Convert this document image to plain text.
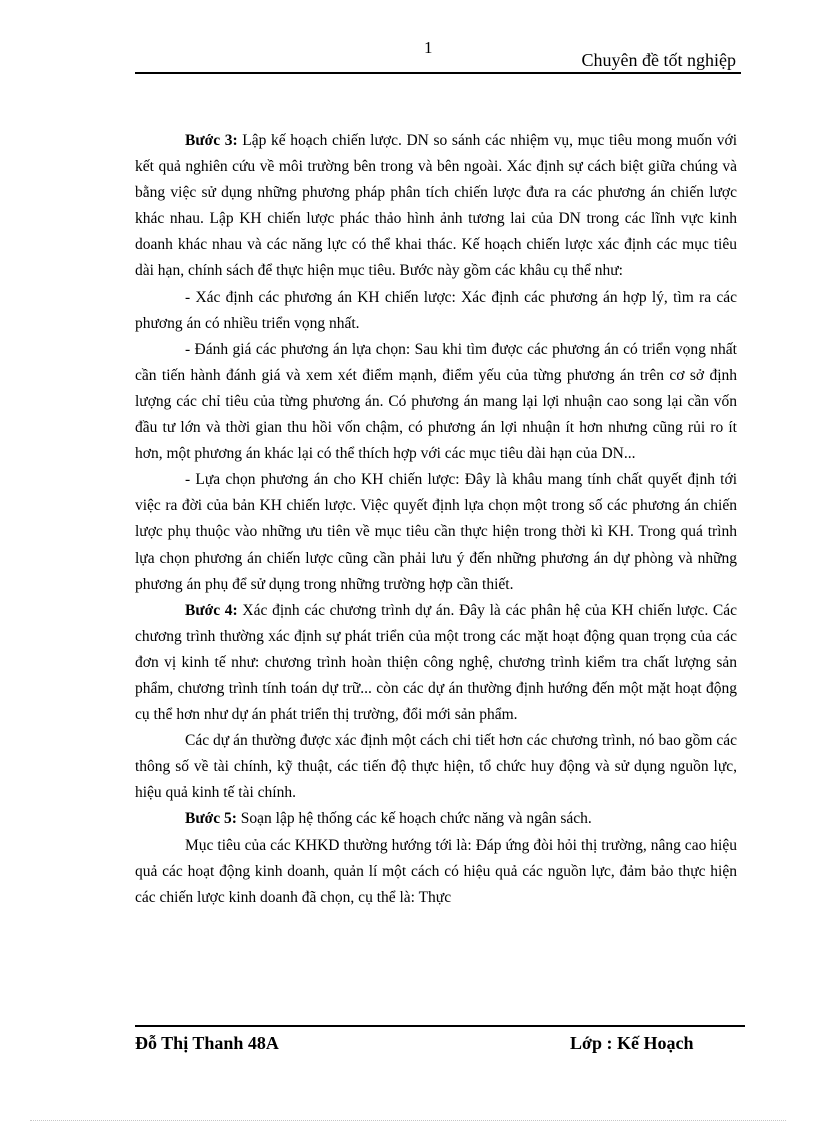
1
Chuyên đề tốt nghiệp

Bước 3: Lập kế hoạch chiến lược. DN so sánh các nhiệm vụ, mục tiêu mong muốn với kết quả nghiên cứu về môi trường bên trong và bên ngoài. Xác định sự cách biệt giữa chúng và bằng việc sử dụng những phương pháp phân tích chiến lược đưa ra các phương án chiến lược khác nhau. Lập KH chiến lược phác thảo hình ảnh tương lai của DN trong các lĩnh vực kinh doanh khác nhau và các năng lực có thể khai thác. Kế hoạch chiến lược xác định các mục tiêu dài hạn, chính sách để thực hiện mục tiêu. Bước này gồm các khâu cụ thể như:

- Xác định các phương án KH chiến lược: Xác định các phương án hợp lý, tìm ra các phương án có nhiều triển vọng nhất.

- Đánh giá các phương án lựa chọn: Sau khi tìm được các phương án có triển vọng nhất cần tiến hành đánh giá và xem xét điểm mạnh, điểm yếu của từng phương án trên cơ sở định lượng các chỉ tiêu của từng phương án. Có phương án mang lại lợi nhuận cao song lại cần vốn đầu tư lớn và thời gian thu hồi vốn chậm, có phương án lợi nhuận ít hơn nhưng cũng rủi ro ít hơn, một phương án khác lại có thể thích hợp với các mục tiêu dài hạn của DN...

- Lựa chọn phương án cho KH chiến lược: Đây là khâu mang tính chất quyết định tới việc ra đời của bản KH chiến lược. Việc quyết định lựa chọn một trong số các phương án chiến lược phụ thuộc vào những ưu tiên về mục tiêu cần thực hiện trong thời kì KH. Trong quá trình lựa chọn phương án chiến lược cũng cần phải lưu ý đến những phương án dự phòng và những phương án phụ để sử dụng trong những trường hợp cần thiết.

Bước 4: Xác định các chương trình dự án. Đây là các phân hệ của KH chiến lược. Các chương trình thường xác định sự phát triển của một trong các mặt hoạt động quan trọng của các đơn vị kinh tế như: chương trình hoàn thiện công nghệ, chương trình kiểm tra chất lượng sản phẩm, chương trình tính toán dự trữ... còn các dự án thường định hướng đến một mặt hoạt động cụ thể hơn như dự án phát triển thị trường, đổi mới sản phẩm.

Các dự án thường được xác định một cách chi tiết hơn các chương trình, nó bao gồm các thông số về tài chính, kỹ thuật, các tiến độ thực hiện, tổ chức huy động và sử dụng nguồn lực, hiệu quả kinh tế tài chính.

Bước 5: Soạn lập hệ thống các kế hoạch chức năng và ngân sách.

Mục tiêu của các KHKD thường hướng tới là: Đáp ứng đòi hỏi thị trường, nâng cao hiệu quả các hoạt động kinh doanh, quản lí một cách có hiệu quả các nguồn lực, đảm bảo thực hiện các chiến lược kinh doanh đã chọn, cụ thể là: Thực

Đỗ Thị Thanh 48A	Lớp : Kế Hoạch
